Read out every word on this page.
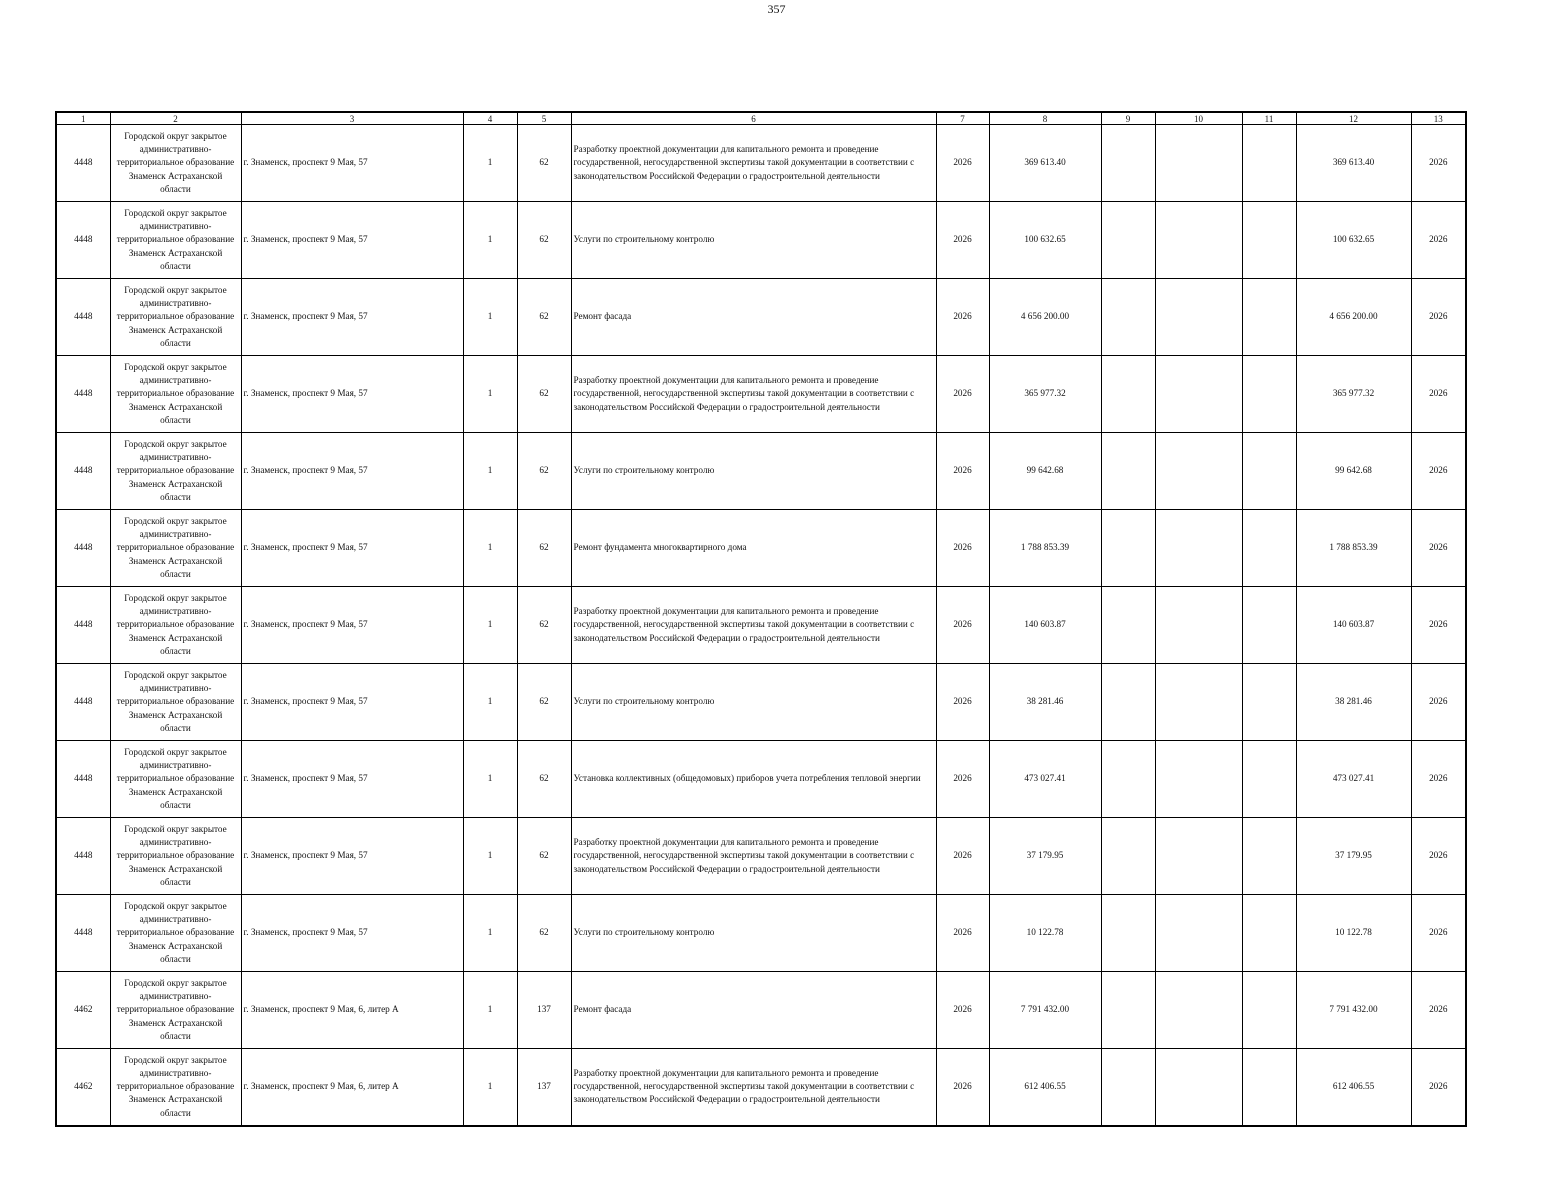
357
1	2	3	4	5	6	7	8	9	10	11	12	13
4448	Городской округ закрытое административно-территориальное образование Знаменск Астраханской области	г. Знаменск, проспект 9 Мая, 57	1	62	Разработку проектной документации для капитального ремонта и проведение государственной, негосударственной экспертизы такой документации в соответствии с законодательством Российской Федерации о градостроительной деятельности	2026	369 613.40				369 613.40	2026
4448	Городской округ закрытое административно-территориальное образование Знаменск Астраханской области	г. Знаменск, проспект 9 Мая, 57	1	62	Услуги по строительному контролю	2026	100 632.65				100 632.65	2026
4448	Городской округ закрытое административно-территориальное образование Знаменск Астраханской области	г. Знаменск, проспект 9 Мая, 57	1	62	Ремонт фасада	2026	4 656 200.00				4 656 200.00	2026
4448	Городской округ закрытое административно-территориальное образование Знаменск Астраханской области	г. Знаменск, проспект 9 Мая, 57	1	62	Разработку проектной документации для капитального ремонта и проведение государственной, негосударственной экспертизы такой документации в соответствии с законодательством Российской Федерации о градостроительной деятельности	2026	365 977.32				365 977.32	2026
4448	Городской округ закрытое административно-территориальное образование Знаменск Астраханской области	г. Знаменск, проспект 9 Мая, 57	1	62	Услуги по строительному контролю	2026	99 642.68				99 642.68	2026
4448	Городской округ закрытое административно-территориальное образование Знаменск Астраханской области	г. Знаменск, проспект 9 Мая, 57	1	62	Ремонт фундамента многоквартирного дома	2026	1 788 853.39				1 788 853.39	2026
4448	Городской округ закрытое административно-территориальное образование Знаменск Астраханской области	г. Знаменск, проспект 9 Мая, 57	1	62	Разработку проектной документации для капитального ремонта и проведение государственной, негосударственной экспертизы такой документации в соответствии с законодательством Российской Федерации о градостроительной деятельности	2026	140 603.87				140 603.87	2026
4448	Городской округ закрытое административно-территориальное образование Знаменск Астраханской области	г. Знаменск, проспект 9 Мая, 57	1	62	Услуги по строительному контролю	2026	38 281.46				38 281.46	2026
4448	Городской округ закрытое административно-территориальное образование Знаменск Астраханской области	г. Знаменск, проспект 9 Мая, 57	1	62	Установка коллективных (общедомовых) приборов учета потребления тепловой энергии	2026	473 027.41				473 027.41	2026
4448	Городской округ закрытое административно-территориальное образование Знаменск Астраханской области	г. Знаменск, проспект 9 Мая, 57	1	62	Разработку проектной документации для капитального ремонта и проведение государственной, негосударственной экспертизы такой документации в соответствии с законодательством Российской Федерации о градостроительной деятельности	2026	37 179.95				37 179.95	2026
4448	Городской округ закрытое административно-территориальное образование Знаменск Астраханской области	г. Знаменск, проспект 9 Мая, 57	1	62	Услуги по строительному контролю	2026	10 122.78				10 122.78	2026
4462	Городской округ закрытое административно-территориальное образование Знаменск Астраханской области	г. Знаменск, проспект 9 Мая, 6, литер А	1	137	Ремонт фасада	2026	7 791 432.00				7 791 432.00	2026
4462	Городской округ закрытое административно-территориальное образование Знаменск Астраханской области	г. Знаменск, проспект 9 Мая, 6, литер А	1	137	Разработку проектной документации для капитального ремонта и проведение государственной, негосударственной экспертизы такой документации в соответствии с законодательством Российской Федерации о градостроительной деятельности	2026	612 406.55				612 406.55	2026
